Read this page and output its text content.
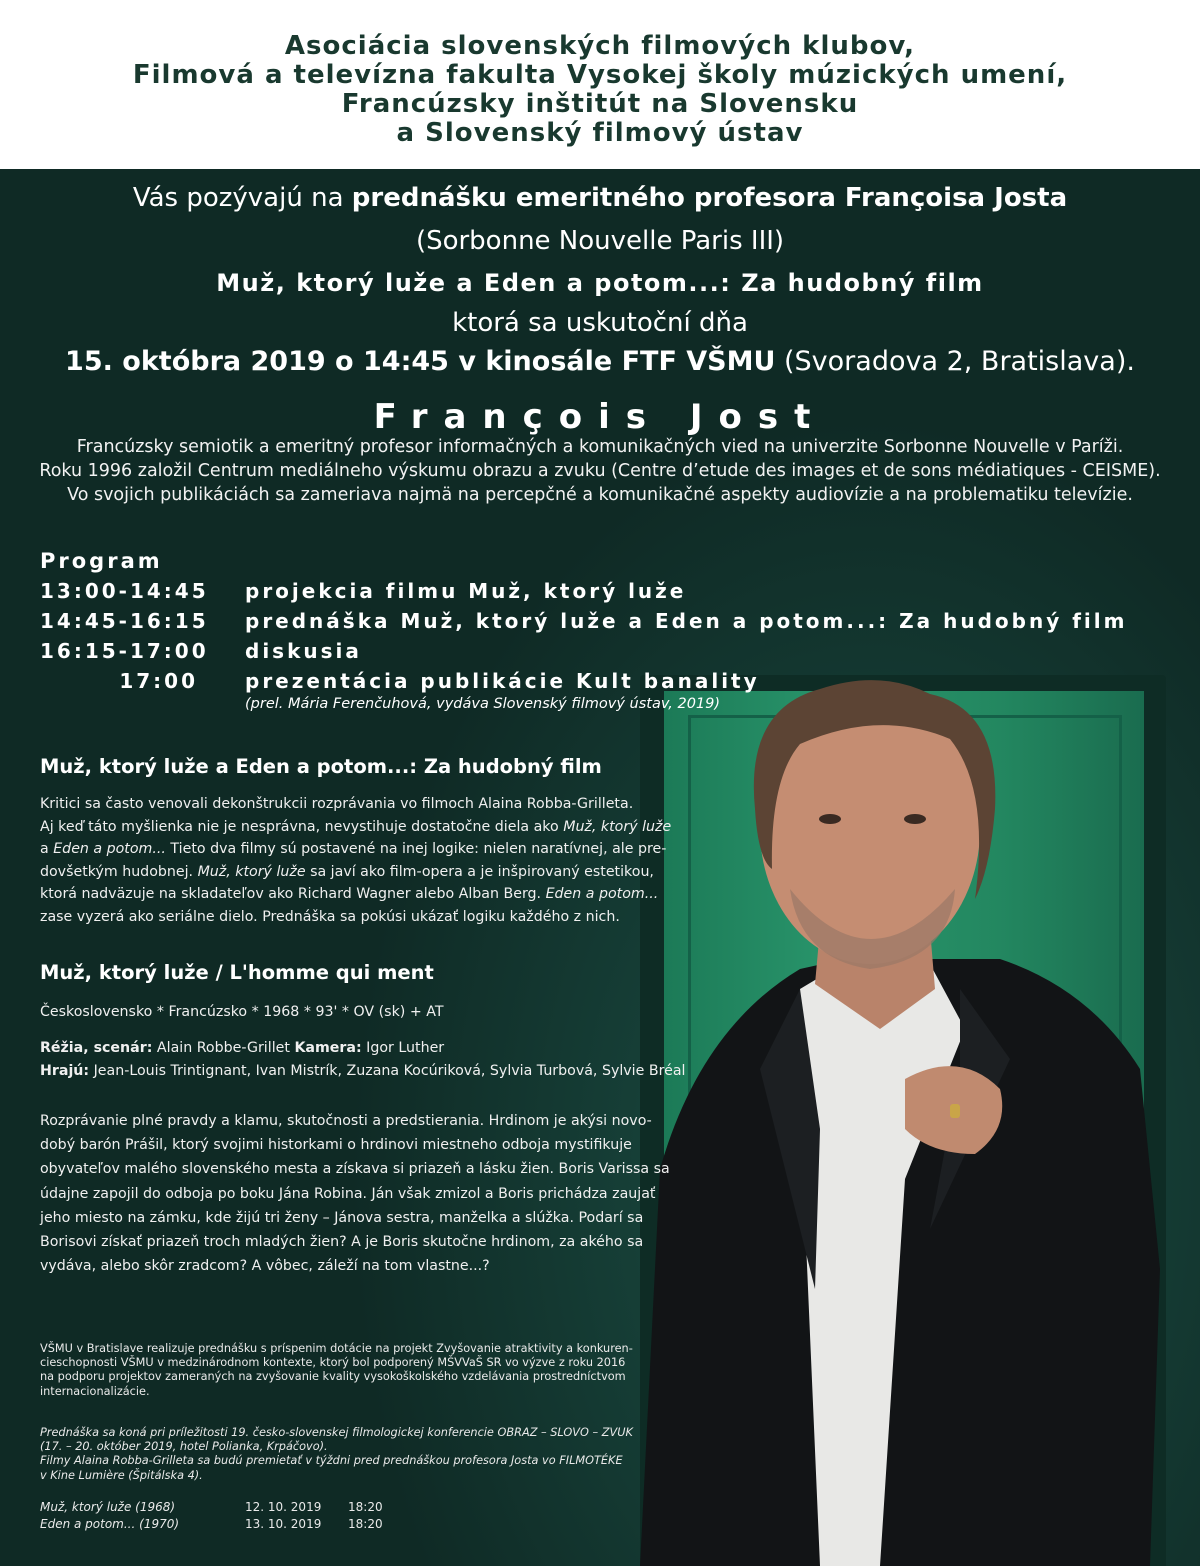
Asociácia slovenských filmových klubov,
Filmová a televízna fakulta Vysokej školy múzických umení,
Francúzsky inštitút na Slovensku
a Slovenský filmový ústav
Vás pozývajú na prednášku emeritného profesora Françoisa Josta
(Sorbonne Nouvelle Paris III)
Muž, ktorý luže a Eden a potom...: Za hudobný film
ktorá sa uskutoční dňa
15. októbra 2019 o 14:45 v kinosále FTF VŠMU (Svoradova 2, Bratislava).
François Jost
Francúzsky semiotik a emeritný profesor informačných a komunikačných vied na univerzite Sorbonne Nouvelle v Paríži.
Roku 1996 založil Centrum mediálneho výskumu obrazu a zvuku (Centre d’etude des images et de sons médiatiques - CEISME).
Vo svojich publikáciách sa zameriava najmä na percepčné a komunikačné aspekty audiovízie a na problematiku televízie.
Program
13:00-14:45 projekcia filmu Muž, ktorý luže
14:45-16:15 prednáška Muž, ktorý luže a Eden a potom...: Za hudobný film
16:15-17:00 diskusia
17:00 prezentácia publikácie Kult banality
(prel. Mária Ferenčuhová, vydáva Slovenský filmový ústav, 2019)
Muž, ktorý luže a Eden a potom...: Za hudobný film
Kritici sa často venovali dekonštrukcii rozprávania vo filmoch Alaina Robba-Grilleta.
Aj keď táto myšlienka nie je nesprávna, nevystihuje dostatočne diela ako Muž, ktorý luže
a Eden a potom... Tieto dva filmy sú postavené na inej logike: nielen naratívnej, ale pre-
dovšetkým hudobnej. Muž, ktorý luže sa javí ako film-opera a je inšpirovaný estetikou,
ktorá nadväzuje na skladateľov ako Richard Wagner alebo Alban Berg. Eden a potom...
zase vyzerá ako seriálne dielo. Prednáška sa pokúsi ukázať logiku každého z nich.
Muž, ktorý luže / L'homme qui ment
Československo * Francúzsko * 1968 * 93' * OV (sk) + AT
Réžia, scenár: Alain Robbe-Grillet Kamera: Igor Luther
Hrajú: Jean-Louis Trintignant, Ivan Mistrík, Zuzana Kocúriková, Sylvia Turbová, Sylvie Bréal
Rozprávanie plné pravdy a klamu, skutočnosti a predstierania. Hrdinom je akýsi novo-
dobý barón Prášil, ktorý svojimi historkami o hrdinovi miestneho odboja mystifikuje
obyvateľov malého slovenského mesta a získava si priazeň a lásku žien. Boris Varissa sa
údajne zapojil do odboja po boku Jána Robina. Ján však zmizol a Boris prichádza zaujať
jeho miesto na zámku, kde žijú tri ženy – Jánova sestra, manželka a slúžka. Podarí sa
Borisovi získať priazeň troch mladých žien? A je Boris skutočne hrdinom, za akého sa
vydáva, alebo skôr zradcom? A vôbec, záleží na tom vlastne...?
VŠMU v Bratislave realizuje prednášku s príspenim dotácie na projekt Zvyšovanie atraktivity a konkuren-
cieschopnosti VŠMU v medzinárodnom kontexte, ktorý bol podporený MŠVVaŠ SR vo výzve z roku 2016
na podporu projektov zameraných na zvyšovanie kvality vysokoškolského vzdelávania prostredníctvom
internacionalizácie.
Prednáška sa koná pri príležitosti 19. česko-slovenskej filmologickej konferencie OBRAZ – SLOVO – ZVUK
(17. – 20. október 2019, hotel Polianka, Krpáčovo).
Filmy Alaina Robba-Grilleta sa budú premietať v týždni pred prednáškou profesora Josta vo FILMOTÉKE
v Kine Lumière (Špitálska 4).
Muž, ktorý luže (1968)	12. 10. 2019 18:20
Eden a potom... (1970)	13. 10. 2019 18:20
